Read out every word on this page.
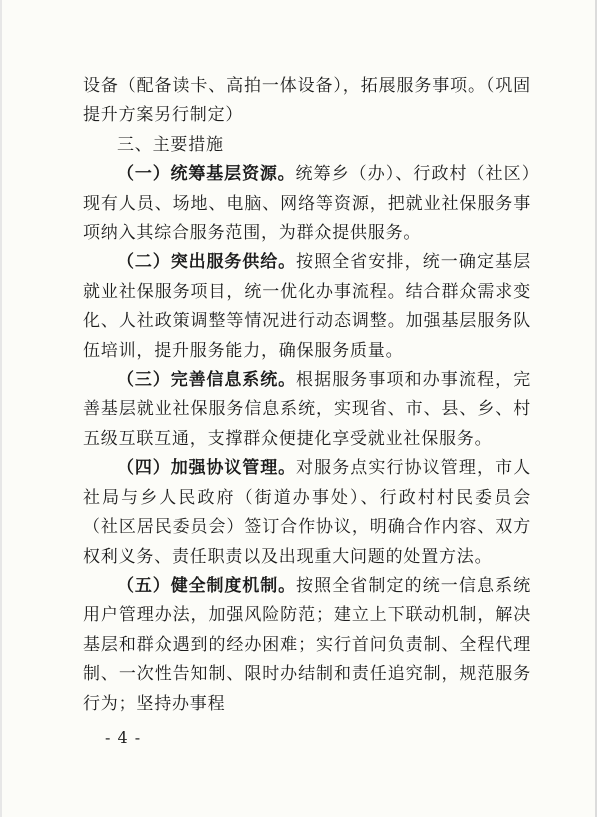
设备（配备读卡、高拍一体设备），拓展服务事项。（巩固提升方案另行制定）

三、主要措施

（一）统筹基层资源。统筹乡（办）、行政村（社区）现有人员、场地、电脑、网络等资源，把就业社保服务事项纳入其综合服务范围，为群众提供服务。

（二）突出服务供给。按照全省安排，统一确定基层就业社保服务项目，统一优化办事流程。结合群众需求变化、人社政策调整等情况进行动态调整。加强基层服务队伍培训，提升服务能力，确保服务质量。

（三）完善信息系统。根据服务事项和办事流程，完善基层就业社保服务信息系统，实现省、市、县、乡、村五级互联互通，支撑群众便捷化享受就业社保服务。

（四）加强协议管理。对服务点实行协议管理，市人社局与乡人民政府（街道办事处）、行政村村民委员会（社区居民委员会）签订合作协议，明确合作内容、双方权利义务、责任职责以及出现重大问题的处置方法。

（五）健全制度机制。按照全省制定的统一信息系统用户管理办法，加强风险防范；建立上下联动机制，解决基层和群众遇到的经办困难；实行首问负责制、全程代理制、一次性告知制、限时办结制和责任追究制，规范服务行为；坚持办事程

- 4 -
